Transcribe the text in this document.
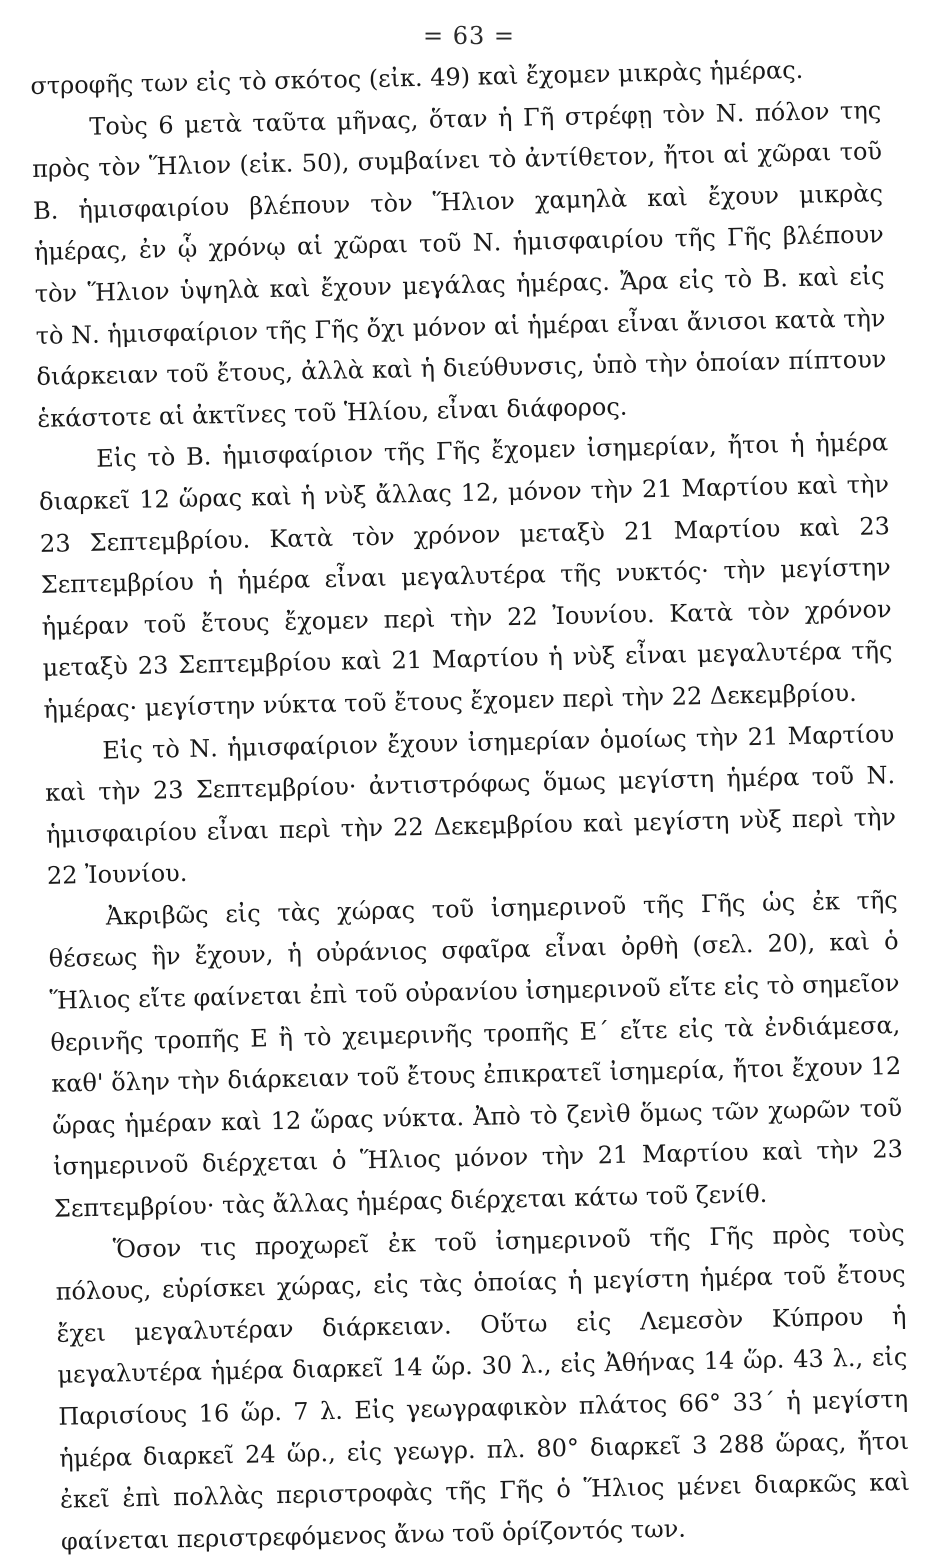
= 63 =

στροφῆς των εἰς τὸ σκότος (εἰκ. 49) καὶ ἔχομεν μικρὰς ἡμέρας.

Τοὺς 6 μετὰ ταῦτα μῆνας, ὅταν ἡ Γῆ στρέφῃ τὸν Ν. πόλον της πρὸς τὸν Ἥλιον (εἰκ. 50), συμβαίνει τὸ ἀντίθετον, ἤτοι αἱ χῶραι τοῦ Β. ἡμισφαιρίου βλέπουν τὸν Ἥλιον χαμηλὰ καὶ ἔχουν μικρὰς ἡμέρας, ἐν ᾧ χρόνῳ αἱ χῶραι τοῦ Ν. ἡμισφαιρίου τῆς Γῆς βλέπουν τὸν Ἥλιον ὑψηλὰ καὶ ἔχουν μεγάλας ἡμέρας. Ἄρα εἰς τὸ Β. καὶ εἰς τὸ Ν. ἡμισφαίριον τῆς Γῆς ὄχι μόνον αἱ ἡμέραι εἶναι ἄνισοι κατὰ τὴν διάρκειαν τοῦ ἔτους, ἀλλὰ καὶ ἡ διεύθυνσις, ὑπὸ τὴν ὁποίαν πίπτουν ἑκάστοτε αἱ ἀκτῖνες τοῦ Ἡλίου, εἶναι διάφορος.

Εἰς τὸ Β. ἡμισφαίριον τῆς Γῆς ἔχομεν ἰσημερίαν, ἤτοι ἡ ἡμέρα διαρκεῖ 12 ὥρας καὶ ἡ νὺξ ἄλλας 12, μόνον τὴν 21 Μαρτίου καὶ τὴν 23 Σεπτεμβρίου. Κατὰ τὸν χρόνον μεταξὺ 21 Μαρτίου καὶ 23 Σεπτεμβρίου ἡ ἡμέρα εἶναι μεγαλυτέρα τῆς νυκτός· τὴν μεγίστην ἡμέραν τοῦ ἔτους ἔχομεν περὶ τὴν 22 Ἰουνίου. Κατὰ τὸν χρόνον μεταξὺ 23 Σεπτεμβρίου καὶ 21 Μαρτίου ἡ νὺξ εἶναι μεγαλυτέρα τῆς ἡμέρας· μεγίστην νύκτα τοῦ ἔτους ἔχομεν περὶ τὴν 22 Δεκεμβρίου.

Εἰς τὸ Ν. ἡμισφαίριον ἔχουν ἰσημερίαν ὁμοίως τὴν 21 Μαρτίου καὶ τὴν 23 Σεπτεμβρίου· ἀντιστρόφως ὅμως μεγίστη ἡμέρα τοῦ Ν. ἡμισφαιρίου εἶναι περὶ τὴν 22 Δεκεμβρίου καὶ μεγίστη νὺξ περὶ τὴν 22 Ἰουνίου.

Ἀκριβῶς εἰς τὰς χώρας τοῦ ἰσημερινοῦ τῆς Γῆς ὡς ἐκ τῆς θέσεως ἣν ἔχουν, ἡ οὐράνιος σφαῖρα εἶναι ὀρθὴ (σελ. 20), καὶ ὁ Ἥλιος εἴτε φαίνεται ἐπὶ τοῦ οὐρανίου ἰσημερινοῦ εἴτε εἰς τὸ σημεῖον θερινῆς τροπῆς Ε ἢ τὸ χειμερινῆς τροπῆς Ε΄ εἴτε εἰς τὰ ἐνδιάμεσα, καθ' ὅλην τὴν διάρκειαν τοῦ ἔτους ἐπικρατεῖ ἰσημερία, ἤτοι ἔχουν 12 ὥρας ἡμέραν καὶ 12 ὥρας νύκτα. Ἀπὸ τὸ ζενὶθ ὅμως τῶν χωρῶν τοῦ ἰσημερινοῦ διέρχεται ὁ Ἥλιος μόνον τὴν 21 Μαρτίου καὶ τὴν 23 Σεπτεμβρίου· τὰς ἄλλας ἡμέρας διέρχεται κάτω τοῦ ζενίθ.

Ὅσον τις προχωρεῖ ἐκ τοῦ ἰσημερινοῦ τῆς Γῆς πρὸς τοὺς πόλους, εὑρίσκει χώρας, εἰς τὰς ὁποίας ἡ μεγίστη ἡμέρα τοῦ ἔτους ἔχει μεγαλυτέραν διάρκειαν. Οὕτω εἰς Λεμεσὸν Κύπρου ἡ μεγαλυτέρα ἡμέρα διαρκεῖ 14 ὥρ. 30 λ., εἰς Ἀθήνας 14 ὥρ. 43 λ., εἰς Παρισίους 16 ὥρ. 7 λ. Εἰς γεωγραφικὸν πλάτος 66° 33΄ ἡ μεγίστη ἡμέρα διαρκεῖ 24 ὥρ., εἰς γεωγρ. πλ. 80° διαρκεῖ 3 288 ὥρας, ἤτοι ἐκεῖ ἐπὶ πολλὰς περιστροφὰς τῆς Γῆς ὁ Ἥλιος μένει διαρκῶς καὶ φαίνεται περιστρεφόμενος ἄνω τοῦ ὁρίζοντός των.
